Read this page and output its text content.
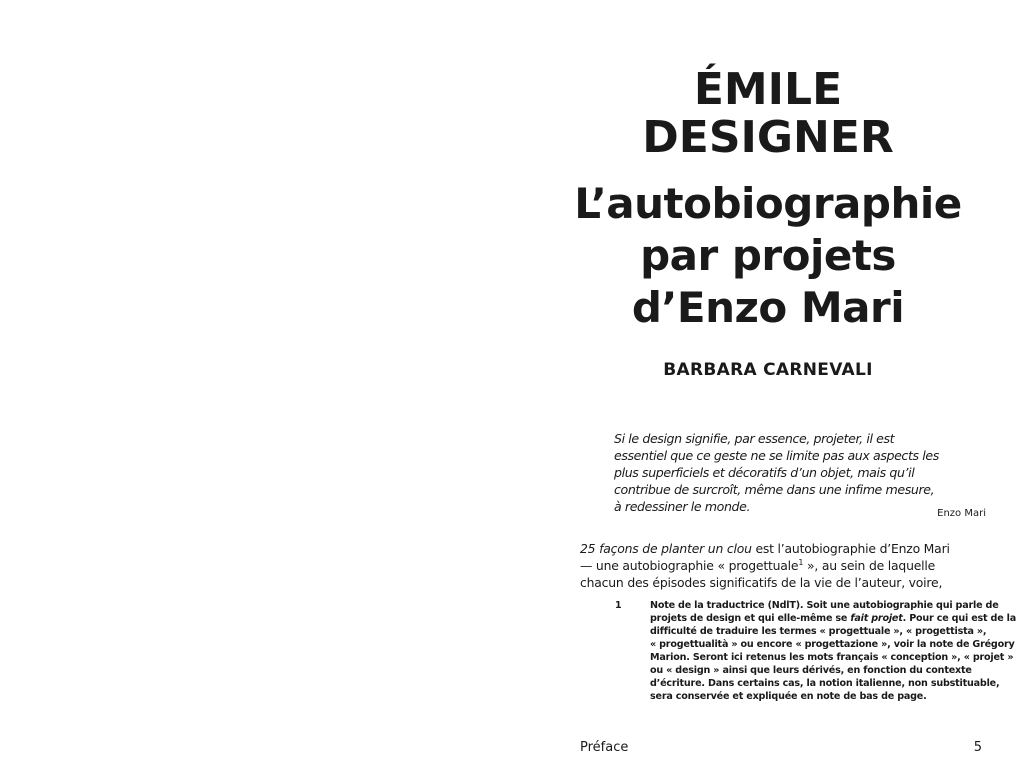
ÉMILE
DESIGNER
L’autobiographie
par projets
d’Enzo Mari
BARBARA CARNEVALI
Si le design signifie, par essence, projeter, il est
essentiel que ce geste ne se limite pas aux aspects les
plus superficiels et décoratifs d’un objet, mais qu’il
contribue de surcroît, même dans une infime mesure,
à redessiner le monde.	Enzo Mari
25 façons de planter un clou est l’autobiographie d’Enzo Mari
— une autobiographie « progettuale$^1$ », au sein de laquelle
chacun des épisodes significatifs de la vie de l’auteur, voire,
1	Note de la traductrice (NdlT). Soit une autobiographie qui parle de
projets de design et qui elle-même se fait projet. Pour ce qui est de la
difficulté de traduire les termes « progettuale », « progettista »,
« progettualità » ou encore « progettazione », voir la note de Grégory
Marion. Seront ici retenus les mots français « conception », « projet »
ou « design » ainsi que leurs dérivés, en fonction du contexte
d’écriture. Dans certains cas, la notion italienne, non substituable,
sera conservée et expliquée en note de bas de page.
Préface	5
